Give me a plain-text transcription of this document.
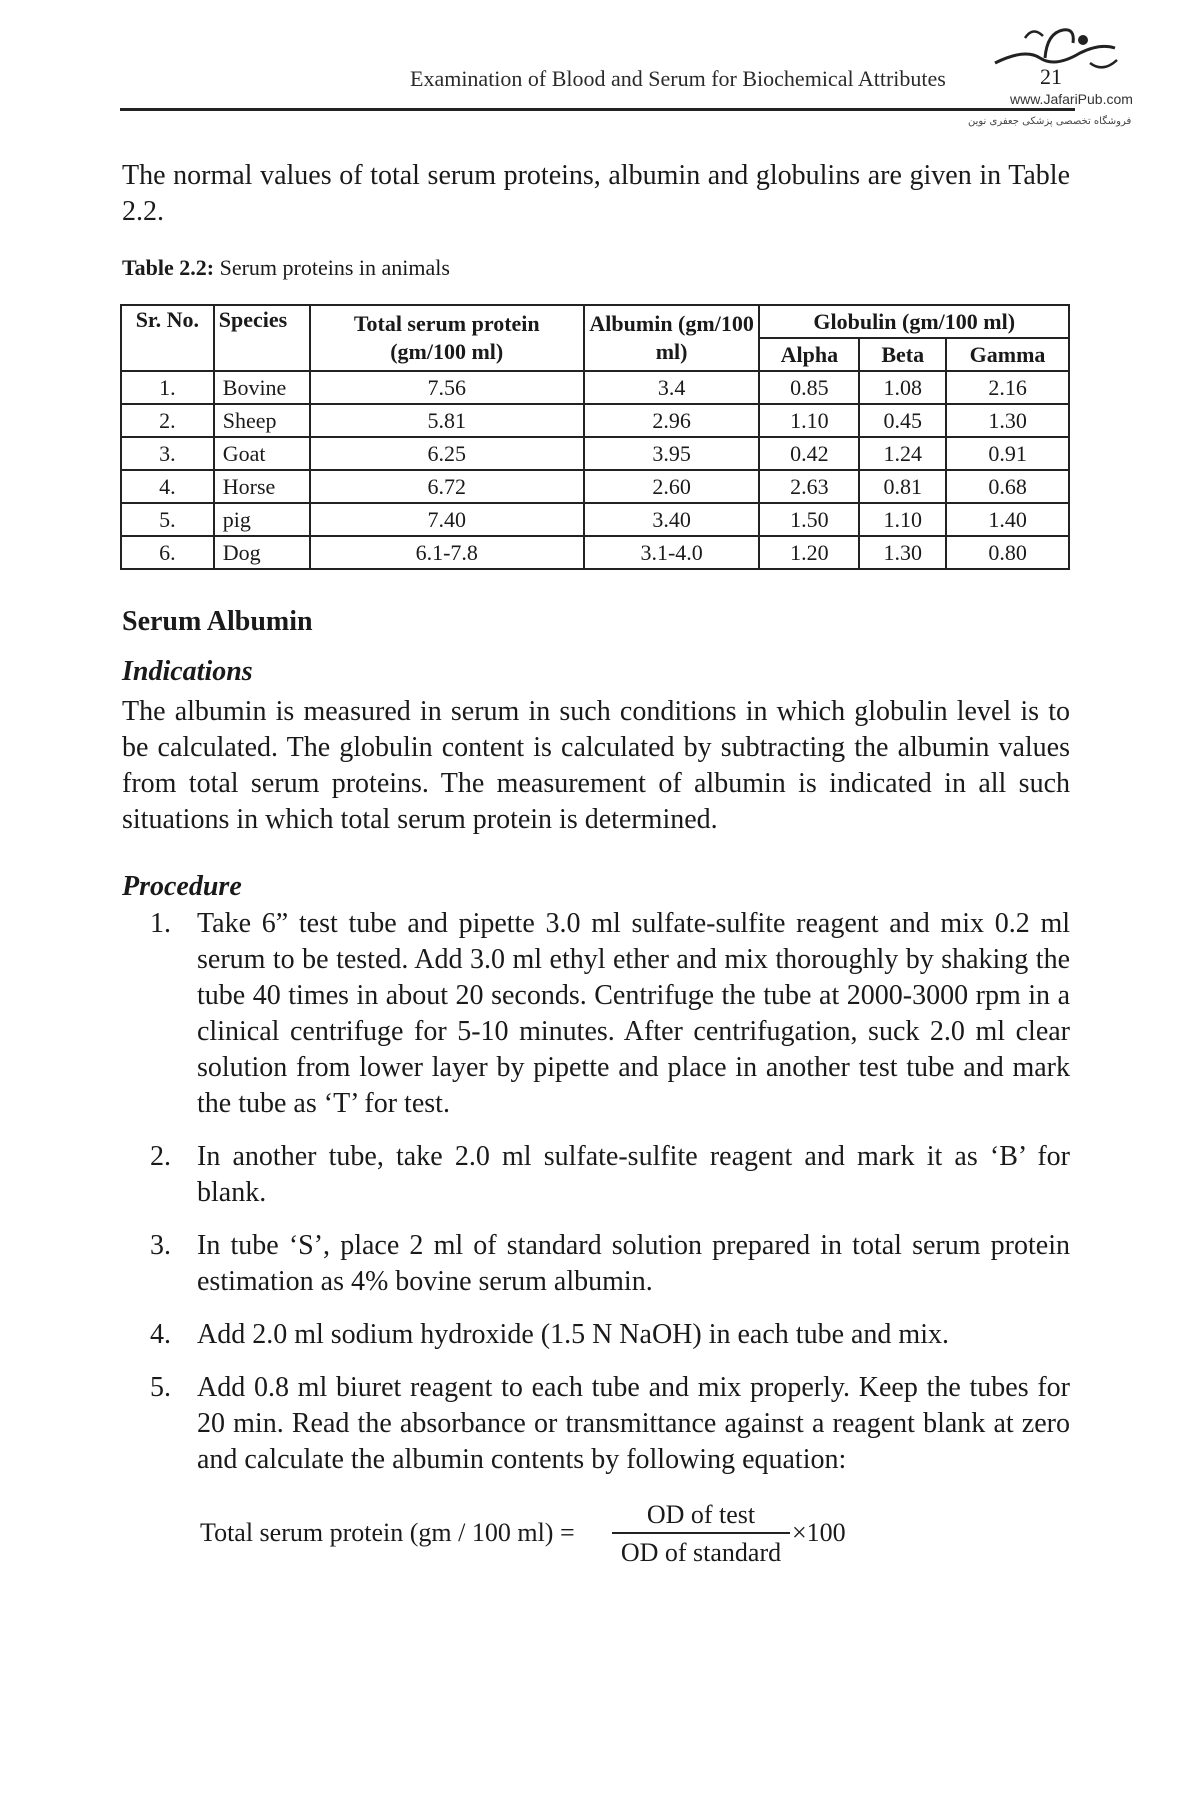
Examination of Blood and Serum for Biochemical Attributes	21
www.JafariPub.com
فروشگاه تخصصی پزشکی جعفری نوین
The normal values of total serum proteins, albumin and globulins are given in Table 2.2.
Table 2.2: Serum proteins in animals
Sr. No.	Species	Total serum protein (gm/100 ml)	Albumin (gm/100 ml)	Globulin (gm/100 ml)		
				Alpha	Beta	Gamma
1.	Bovine	7.56	3.4	0.85	1.08	2.16
2.	Sheep	5.81	2.96	1.10	0.45	1.30
3.	Goat	6.25	3.95	0.42	1.24	0.91
4.	Horse	6.72	2.60	2.63	0.81	0.68
5.	pig	7.40	3.40	1.50	1.10	1.40
6.	Dog	6.1-7.8	3.1-4.0	1.20	1.30	0.80
Serum Albumin
Indications
The albumin is measured in serum in such conditions in which globulin level is to be calculated. The globulin content is calculated by subtracting the albumin values from total serum proteins. The measurement of albumin is indicated in all such situations in which total serum protein is determined.
Procedure
1. Take 6” test tube and pipette 3.0 ml sulfate-sulfite reagent and mix 0.2 ml serum to be tested. Add 3.0 ml ethyl ether and mix thoroughly by shaking the tube 40 times in about 20 seconds. Centrifuge the tube at 2000-3000 rpm in a clinical centrifuge for 5-10 minutes. After centrifugation, suck 2.0 ml clear solution from lower layer by pipette and place in another test tube and mark the tube as ‘T’ for test.
2. In another tube, take 2.0 ml sulfate-sulfite reagent and mark it as ‘B’ for blank.
3. In tube ‘S’, place 2 ml of standard solution prepared in total serum protein estimation as 4% bovine serum albumin.
4. Add 2.0 ml sodium hydroxide (1.5 N NaOH) in each tube and mix.
5. Add 0.8 ml biuret reagent to each tube and mix properly. Keep the tubes for 20 min. Read the absorbance or transmittance against a reagent blank at zero and calculate the albumin contents by following equation:
Total serum protein (gm / 100 ml) =
OD of test
OD of standard
×100
